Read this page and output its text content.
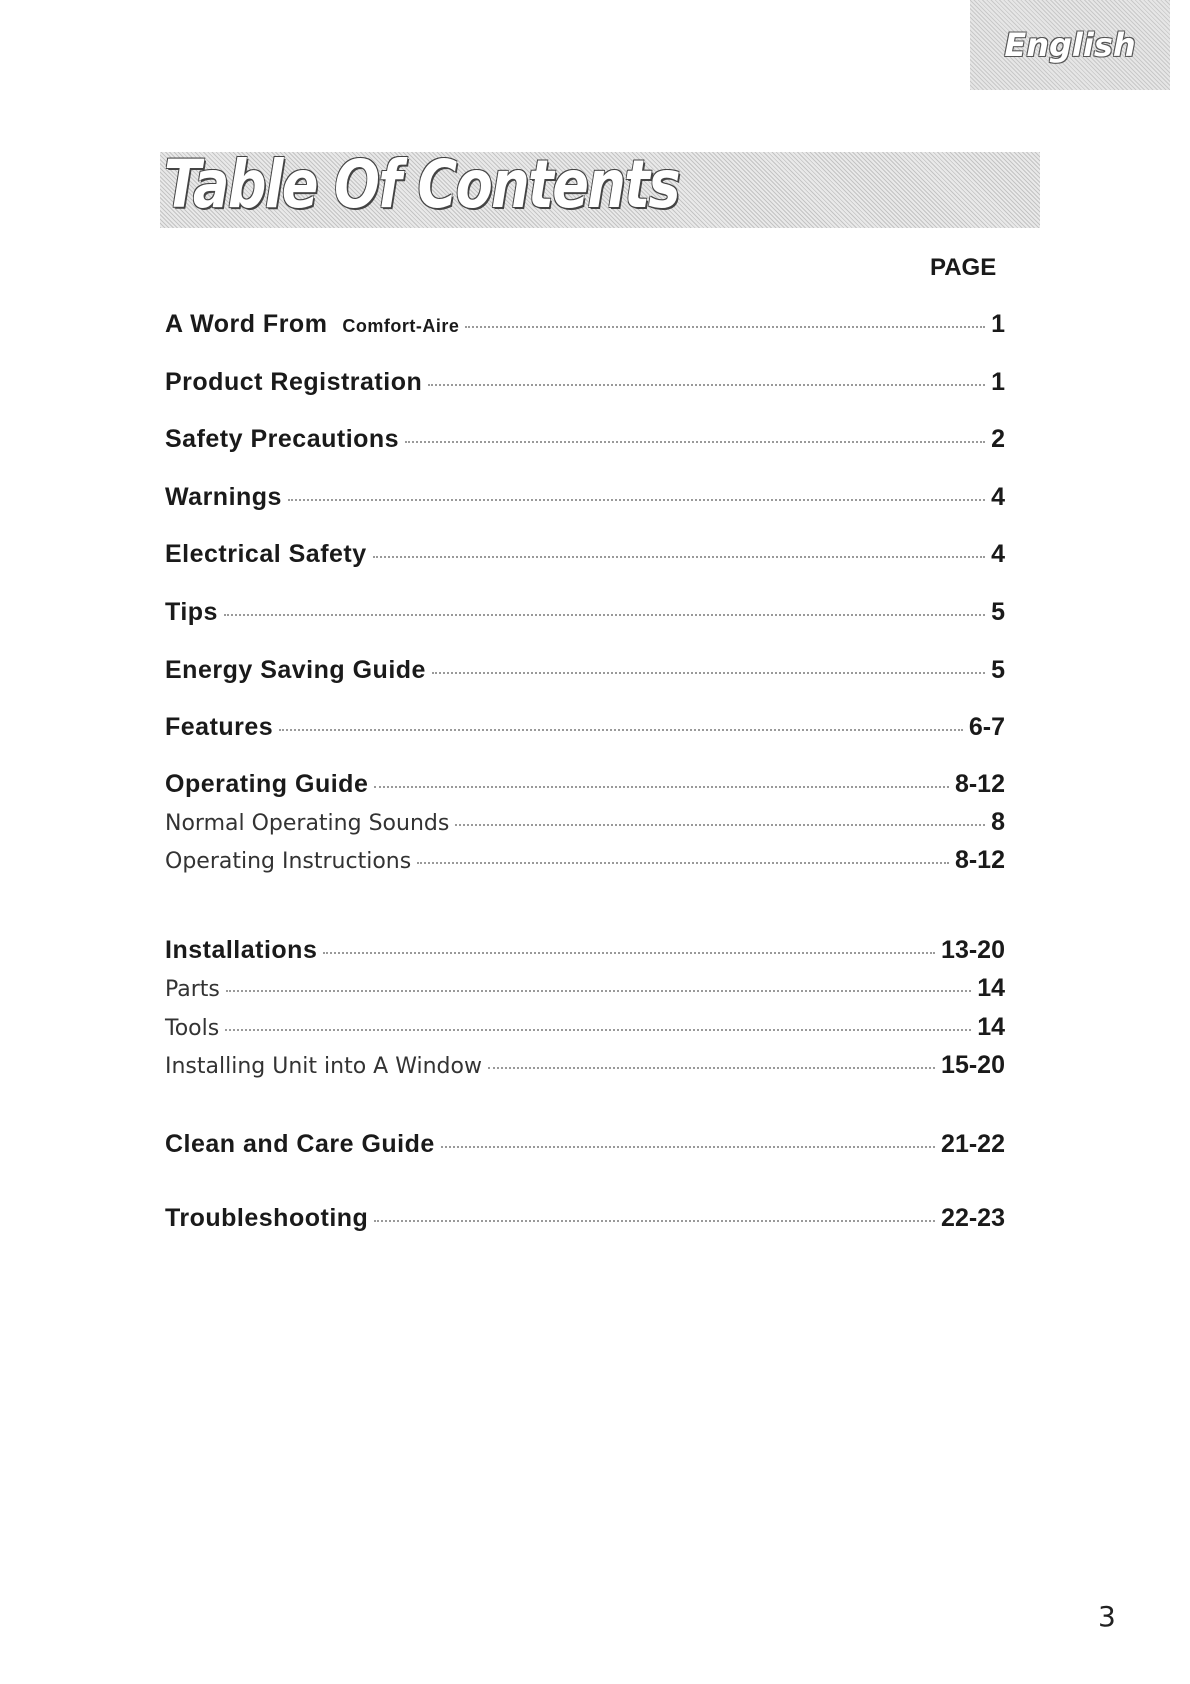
English
Table Of Contents
PAGE
A Word From Comfort-Aire	1
Product Registration	1
Safety Precautions	2
Warnings	4
Electrical Safety	4
Tips	5
Energy Saving Guide	5
Features	6-7
Operating Guide	8-12
Normal Operating Sounds	8
Operating Instructions	8-12
Installations	13-20
Parts	14
Tools	14
Installing Unit into A Window	15-20
Clean and Care Guide	21-22
Troubleshooting	22-23
3
